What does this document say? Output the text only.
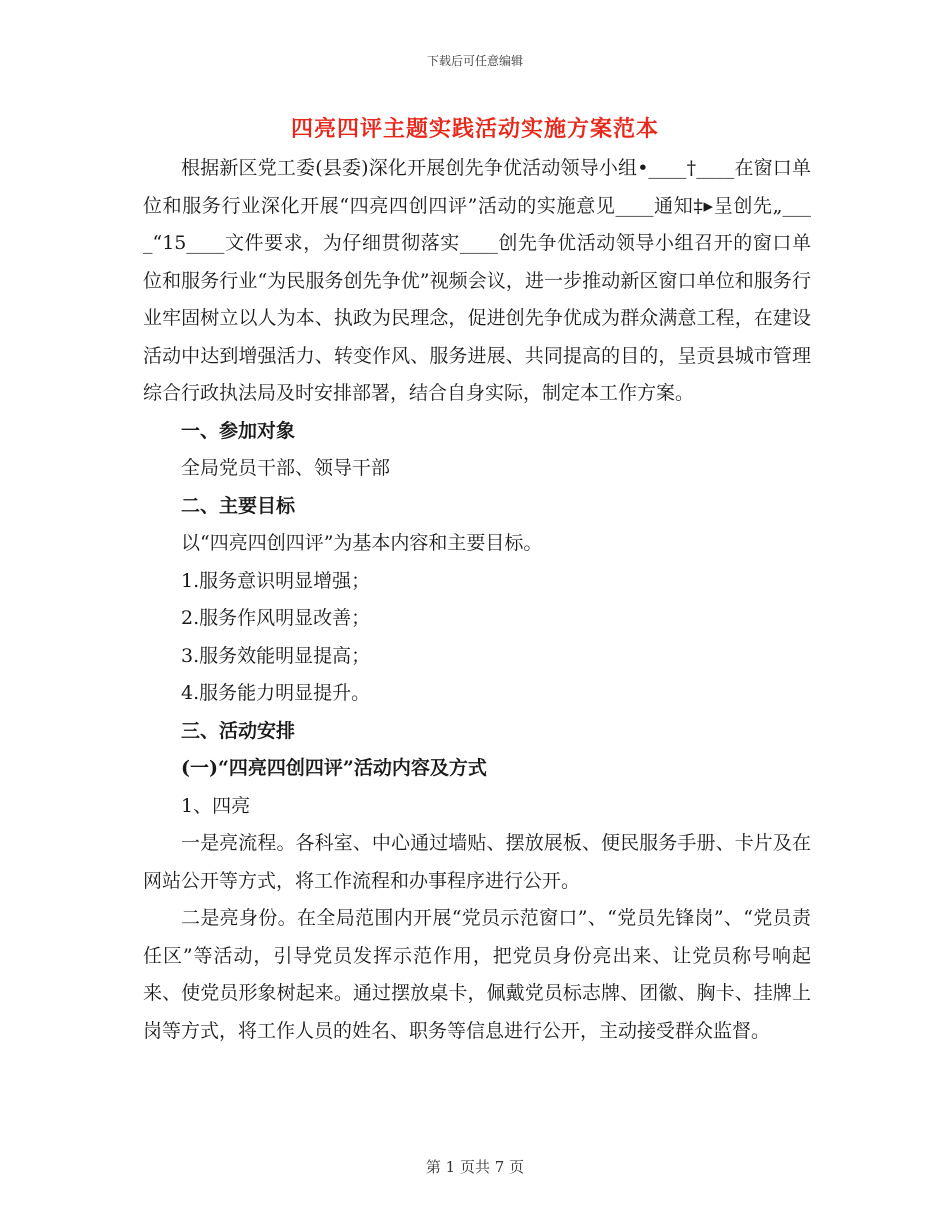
下载后可任意编辑
四亮四评主题实践活动实施方案范本

根据新区党工委(县委)深化开展创先争优活动领导小组•____†____在窗口单位和服务行业深化开展“四亮四创四评”活动的实施意见____通知‡▸呈创先„____“15____文件要求，为仔细贯彻落实____创先争优活动领导小组召开的窗口单位和服务行业“为民服务创先争优”视频会议，进一步推动新区窗口单位和服务行业牢固树立以人为本、执政为民理念，促进创先争优成为群众满意工程，在建设活动中达到增强活力、转变作风、服务进展、共同提高的目的，呈贡县城市管理综合行政执法局及时安排部署，结合自身实际，制定本工作方案。

一、参加对象

全局党员干部、领导干部

二、主要目标

以“四亮四创四评”为基本内容和主要目标。

1.服务意识明显增强；

2.服务作风明显改善；

3.服务效能明显提高；

4.服务能力明显提升。

三、活动安排

(一)“四亮四创四评”活动内容及方式

1、四亮

一是亮流程。各科室、中心通过墙贴、摆放展板、便民服务手册、卡片及在网站公开等方式，将工作流程和办事程序进行公开。

二是亮身份。在全局范围内开展“党员示范窗口”、“党员先锋岗”、“党员责任区”等活动，引导党员发挥示范作用，把党员身份亮出来、让党员称号响起来、使党员形象树起来。通过摆放桌卡，佩戴党员标志牌、团徽、胸卡、挂牌上岗等方式，将工作人员的姓名、职务等信息进行公开，主动接受群众监督。

第 1 页共 7 页
